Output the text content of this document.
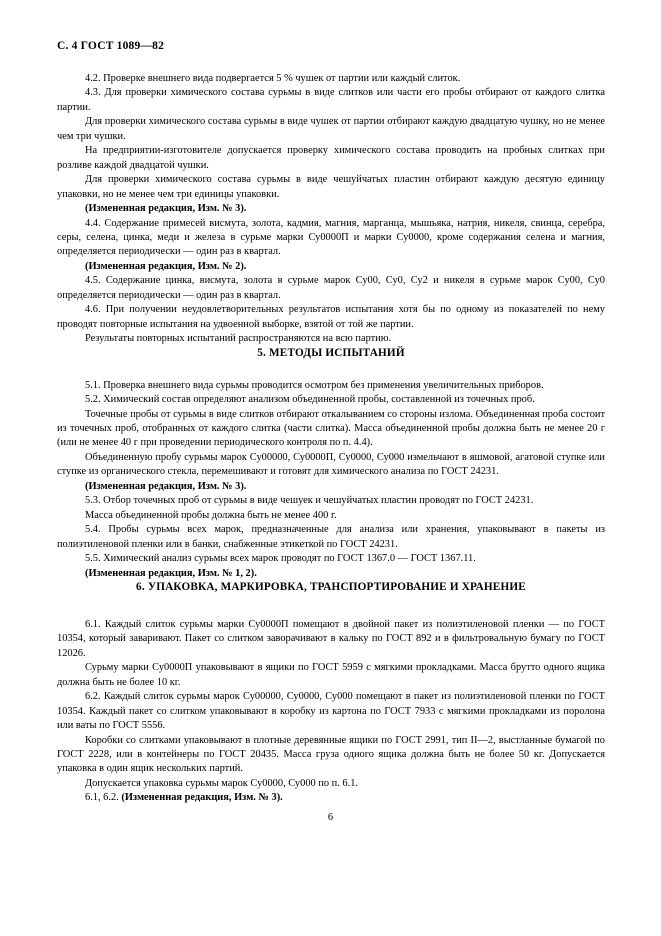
С. 4 ГОСТ 1089—82

4.2. Проверке внешнего вида подвергается 5 % чушек от партии или каждый слиток.

4.3. Для проверки химического состава сурьмы в виде слитков или части его пробы отбирают от каждого слитка партии.

Для проверки химического состава сурьмы в виде чушек от партии отбирают каждую двадцатую чушку, но не менее чем три чушки.

На предприятии-изготовителе допускается проверку химического состава проводить на пробных слитках при розливе каждой двадцатой чушки.

Для проверки химического состава сурьмы в виде чешуйчатых пластин отбирают каждую десятую единицу упаковки, но не менее чем три единицы упаковки.

(Измененная редакция, Изм. № 3).

4.4. Содержание примесей висмута, золота, кадмия, магния, марганца, мышьяка, натрия, никеля, свинца, серебра, серы, селена, цинка, меди и железа в сурьме марки Су0000П и марки Су0000, кроме содержания селена и магния, определяется периодически — один раз в квартал.

(Измененная редакция, Изм. № 2).

4.5. Содержание цинка, висмута, золота в сурьме марок Су00, Су0, Су2 и никеля в сурьме марок Су00, Су0 определяется периодически — один раз в квартал.

4.6. При получении неудовлетворительных результатов испытания хотя бы по одному из показателей по нему проводят повторные испытания на удвоенной выборке, взятой от той же партии.

Результаты повторных испытаний распространяются на всю партию.

5. МЕТОДЫ ИСПЫТАНИЙ

5.1. Проверка внешнего вида сурьмы проводится осмотром без применения увеличительных приборов.

5.2. Химический состав определяют анализом объединенной пробы, составленной из точечных проб.

Точечные пробы от сурьмы в виде слитков отбирают откалыванием со стороны излома. Объединенная проба состоит из точечных проб, отобранных от каждого слитка (части слитка). Масса объединенной пробы должна быть не менее 20 г (или не менее 40 г при проведении периодического контроля по п. 4.4).

Объединенную пробу сурьмы марок Су00000, Су0000П, Су0000, Су000 измельчают в яшмовой, агатовой ступке или ступке из органического стекла, перемешивают и готовят для химического анализа по ГОСТ 24231.

(Измененная редакция, Изм. № 3).

5.3. Отбор точечных проб от сурьмы в виде чешуек и чешуйчатых пластин проводят по ГОСТ 24231.

Масса объединенной пробы должна быть не менее 400 г.

5.4. Пробы сурьмы всех марок, предназначенные для анализа или хранения, упаковывают в пакеты из полиэтиленовой пленки или в банки, снабженные этикеткой по ГОСТ 24231.

5.5. Химический анализ сурьмы всех марок проводят по ГОСТ 1367.0 — ГОСТ 1367.11.

(Измененная редакция, Изм. № 1, 2).

6. УПАКОВКА, МАРКИРОВКА, ТРАНСПОРТИРОВАНИЕ И ХРАНЕНИЕ

6.1. Каждый слиток сурьмы марки Су0000П помещают в двойной пакет из полиэтиленовой пленки — по ГОСТ 10354, который заваривают. Пакет со слитком заворачивают в кальку по ГОСТ 892 и в фильтровальную бумагу по ГОСТ 12026.

Сурьму марки Су0000П упаковывают в ящики по ГОСТ 5959 с мягкими прокладками. Масса брутто одного ящика должна быть не более 10 кг.

6.2. Каждый слиток сурьмы марок Су00000, Су0000, Су000 помещают в пакет из полиэтиленовой пленки по ГОСТ 10354. Каждый пакет со слитком упаковывают в коробку из картона по ГОСТ 7933 с мягкими прокладками из поролона или ваты по ГОСТ 5556.

Коробки со слитками упаковывают в плотные деревянные ящики по ГОСТ 2991, тип II—2, выстланные бумагой по ГОСТ 2228, или в контейнеры по ГОСТ 20435. Масса груза одного ящика должна быть не более 50 кг. Допускается упаковка в один ящик нескольких партий.

Допускается упаковка сурьмы марок Су0000, Су000 по п. 6.1.

6.1, 6.2. (Измененная редакция, Изм. № 3).

6
